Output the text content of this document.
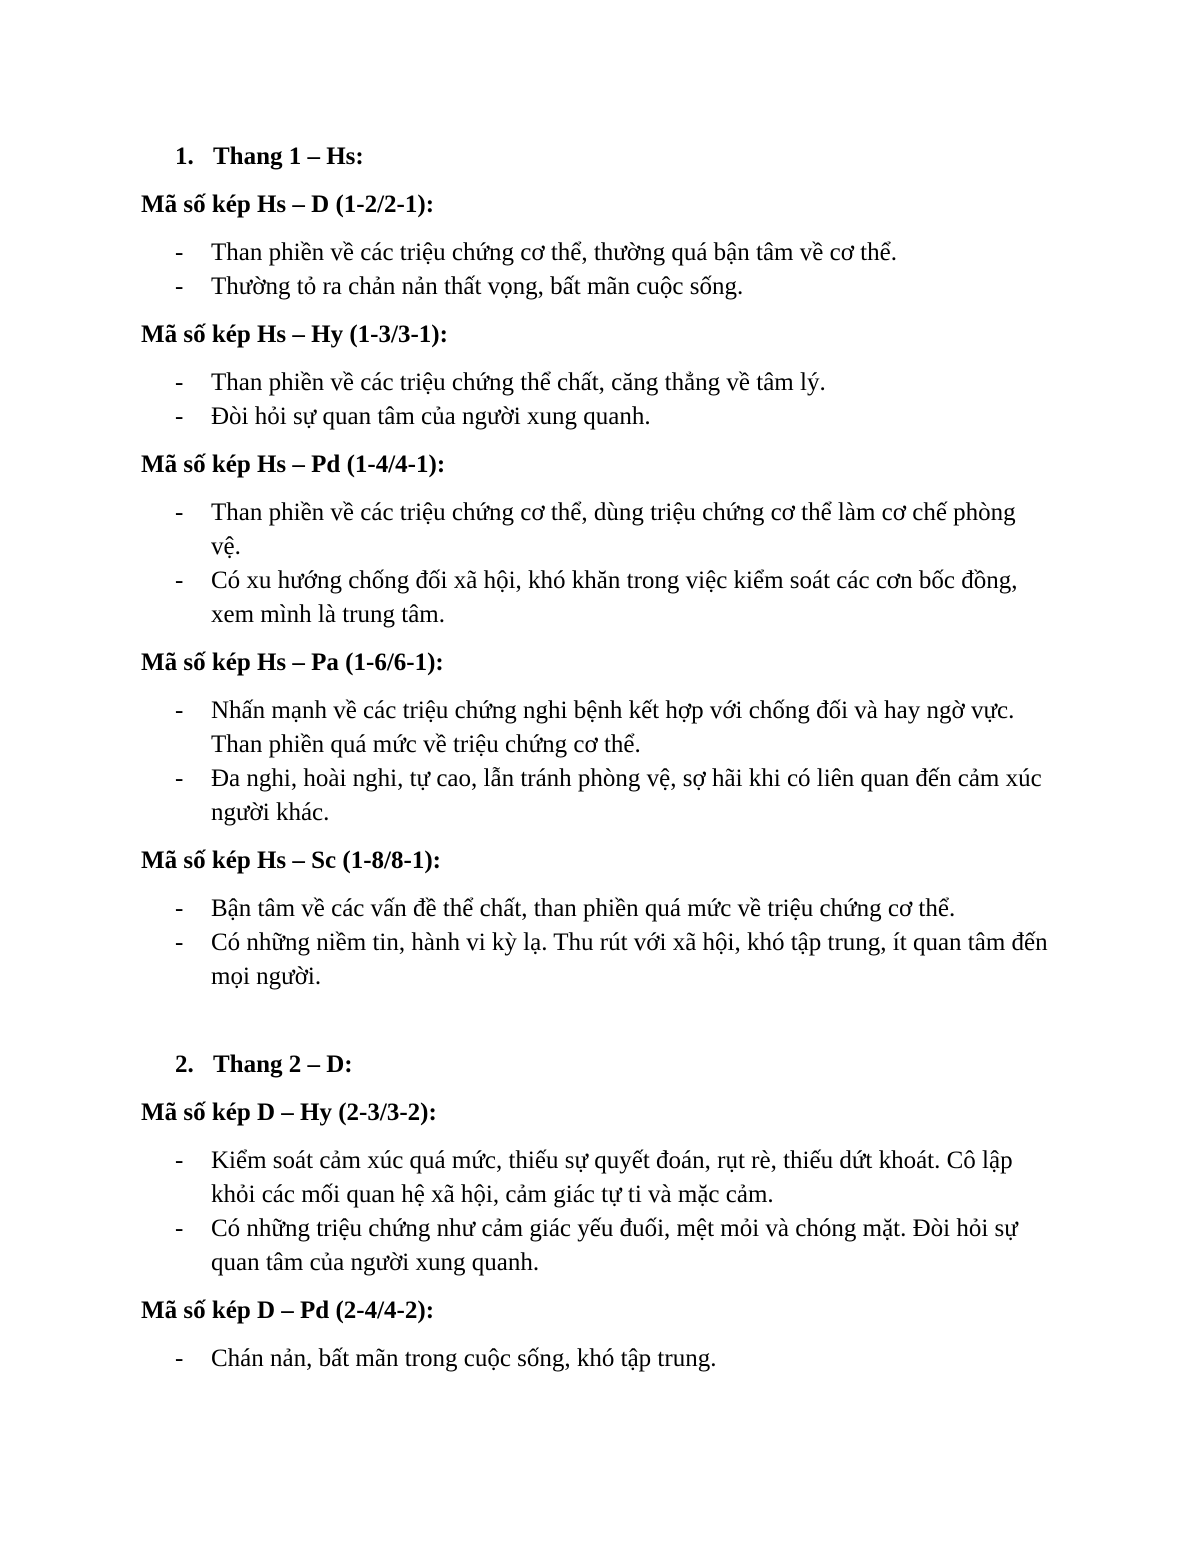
1. Thang 1 – Hs:
Mã số kép Hs – D (1-2/2-1):
-	Than phiền về các triệu chứng cơ thể, thường quá bận tâm về cơ thể.
-	Thường tỏ ra chản nản thất vọng, bất mãn cuộc sống.
Mã số kép Hs – Hy (1-3/3-1):
-	Than phiền về các triệu chứng thể chất, căng thẳng về tâm lý.
-	Đòi hỏi sự quan tâm của người xung quanh.
Mã số kép Hs – Pd (1-4/4-1):
-	Than phiền về các triệu chứng cơ thể, dùng triệu chứng cơ thể làm cơ chế phòng vệ.
-	Có xu hướng chống đối xã hội, khó khăn trong việc kiểm soát các cơn bốc đồng, xem mình là trung tâm.
Mã số kép Hs – Pa (1-6/6-1):
-	Nhấn mạnh về các triệu chứng nghi bệnh kết hợp với chống đối và hay ngờ vực. Than phiền quá mức về triệu chứng cơ thể.
-	Đa nghi, hoài nghi, tự cao, lẫn tránh phòng vệ, sợ hãi khi có liên quan đến cảm xúc người khác.
Mã số kép Hs – Sc (1-8/8-1):
-	Bận tâm về các vấn đề thể chất, than phiền quá mức về triệu chứng cơ thể.
-	Có những niềm tin, hành vi kỳ lạ. Thu rút với xã hội, khó tập trung, ít quan tâm đến mọi người.
2. Thang 2 – D:
Mã số kép D – Hy (2-3/3-2):
-	Kiểm soát cảm xúc quá mức, thiếu sự quyết đoán, rụt rè, thiếu dứt khoát. Cô lập khỏi các mối quan hệ xã hội, cảm giác tự ti và mặc cảm.
-	Có những triệu chứng như cảm giác yếu đuối, mệt mỏi và chóng mặt. Đòi hỏi sự quan tâm của người xung quanh.
Mã số kép D – Pd (2-4/4-2):
-	Chán nản, bất mãn trong cuộc sống, khó tập trung.
